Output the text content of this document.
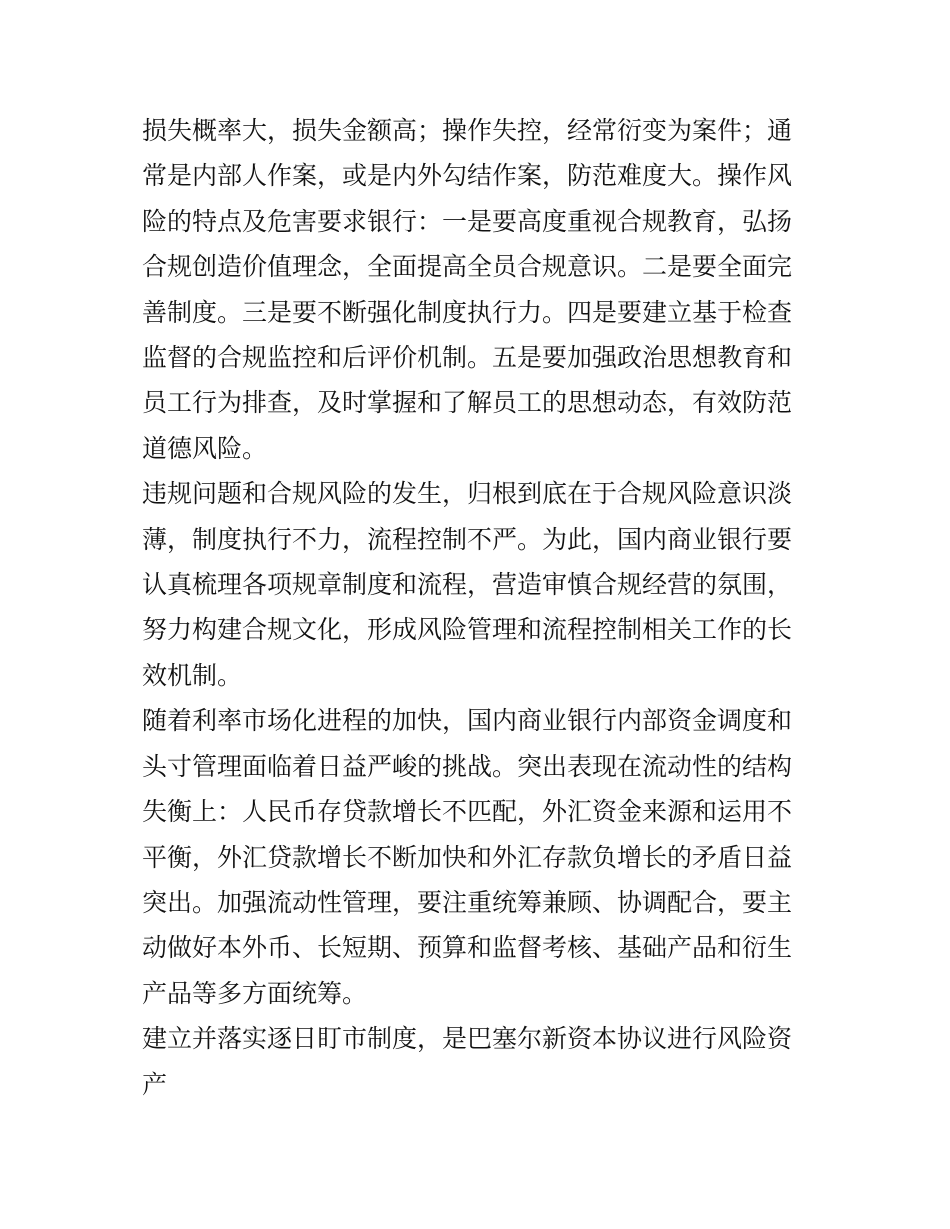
损失概率大，损失金额高；操作失控，经常衍变为案件；通常是内部人作案，或是内外勾结作案，防范难度大。操作风险的特点及危害要求银行：一是要高度重视合规教育，弘扬合规创造价值理念，全面提高全员合规意识。二是要全面完善制度。三是要不断强化制度执行力。四是要建立基于检查监督的合规监控和后评价机制。五是要加强政治思想教育和员工行为排查，及时掌握和了解员工的思想动态，有效防范道德风险。

违规问题和合规风险的发生，归根到底在于合规风险意识淡薄，制度执行不力，流程控制不严。为此，国内商业银行要认真梳理各项规章制度和流程，营造审慎合规经营的氛围，努力构建合规文化，形成风险管理和流程控制相关工作的长效机制。

随着利率市场化进程的加快，国内商业银行内部资金调度和头寸管理面临着日益严峻的挑战。突出表现在流动性的结构失衡上：人民币存贷款增长不匹配，外汇资金来源和运用不平衡，外汇贷款增长不断加快和外汇存款负增长的矛盾日益突出。加强流动性管理，要注重统筹兼顾、协调配合，要主动做好本外币、长短期、预算和监督考核、基础产品和衍生产品等多方面统筹。

建立并落实逐日盯市制度，是巴塞尔新资本协议进行风险资产
